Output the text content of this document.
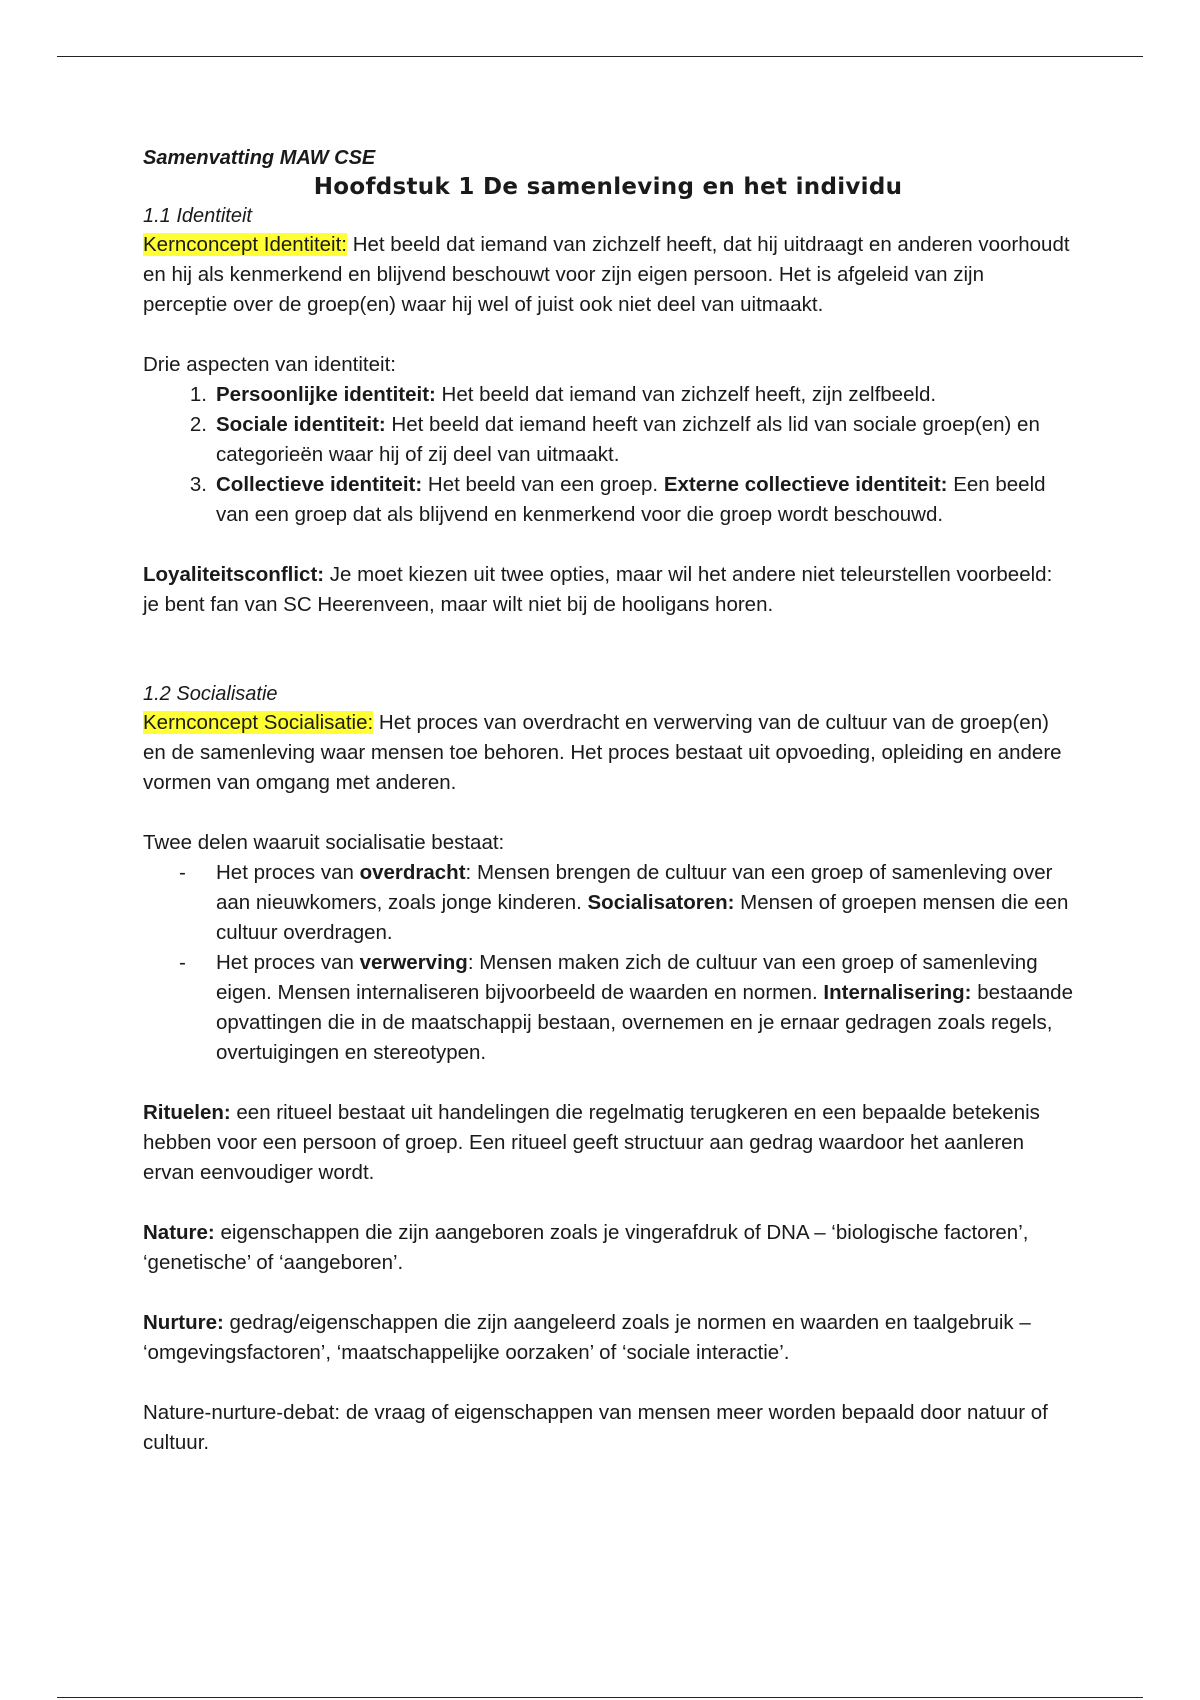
Samenvatting MAW CSE

Hoofdstuk 1 De samenleving en het individu

1.1 Identiteit

Kernconcept Identiteit: Het beeld dat iemand van zichzelf heeft, dat hij uitdraagt en anderen voorhoudt en hij als kenmerkend en blijvend beschouwt voor zijn eigen persoon. Het is afgeleid van zijn perceptie over de groep(en) waar hij wel of juist ook niet deel van uitmaakt.

Drie aspecten van identiteit:

1. Persoonlijke identiteit: Het beeld dat iemand van zichzelf heeft, zijn zelfbeeld.
2. Sociale identiteit: Het beeld dat iemand heeft van zichzelf als lid van sociale groep(en) en categorieën waar hij of zij deel van uitmaakt.
3. Collectieve identiteit: Het beeld van een groep. Externe collectieve identiteit: Een beeld van een groep dat als blijvend en kenmerkend voor die groep wordt beschouwd.

Loyaliteitsconflict: Je moet kiezen uit twee opties, maar wil het andere niet teleurstellen voorbeeld: je bent fan van SC Heerenveen, maar wilt niet bij de hooligans horen.

1.2 Socialisatie

Kernconcept Socialisatie: Het proces van overdracht en verwerving van de cultuur van de groep(en) en de samenleving waar mensen toe behoren. Het proces bestaat uit opvoeding, opleiding en andere vormen van omgang met anderen.

Twee delen waaruit socialisatie bestaat:

- Het proces van overdracht: Mensen brengen de cultuur van een groep of samenleving over aan nieuwkomers, zoals jonge kinderen. Socialisatoren: Mensen of groepen mensen die een cultuur overdragen.
- Het proces van verwerving: Mensen maken zich de cultuur van een groep of samenleving eigen. Mensen internaliseren bijvoorbeeld de waarden en normen. Internalisering: bestaande opvattingen die in de maatschappij bestaan, overnemen en je ernaar gedragen zoals regels, overtuigingen en stereotypen.

Rituelen: een ritueel bestaat uit handelingen die regelmatig terugkeren en een bepaalde betekenis hebben voor een persoon of groep. Een ritueel geeft structuur aan gedrag waardoor het aanleren ervan eenvoudiger wordt.

Nature: eigenschappen die zijn aangeboren zoals je vingerafdruk of DNA – ‘biologische factoren’, ‘genetische’ of ‘aangeboren’.

Nurture: gedrag/eigenschappen die zijn aangeleerd zoals je normen en waarden en taalgebruik – ‘omgevingsfactoren’, ‘maatschappelijke oorzaken’ of ‘sociale interactie’.

Nature-nurture-debat: de vraag of eigenschappen van mensen meer worden bepaald door natuur of cultuur.
